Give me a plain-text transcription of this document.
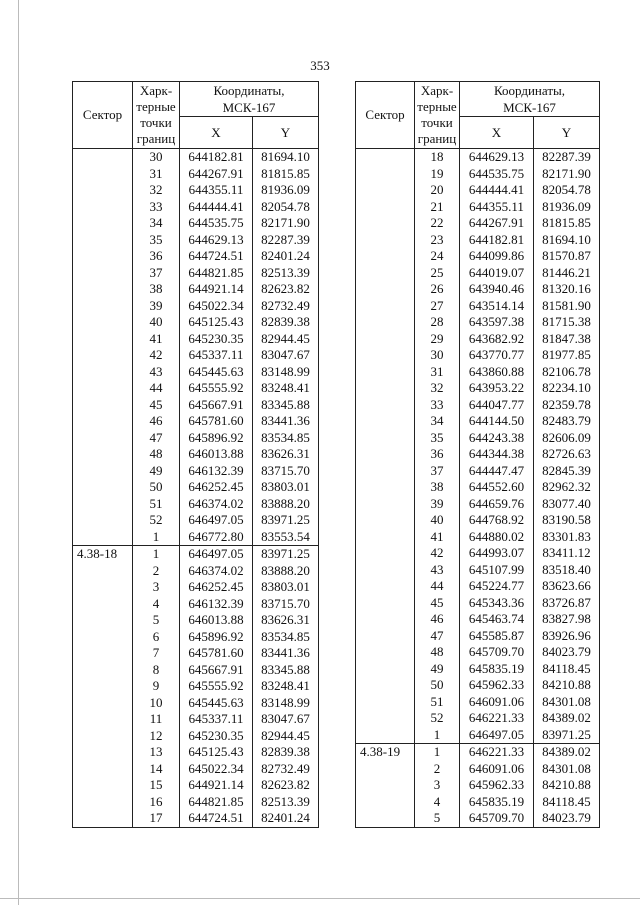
353
Сектор	Харк-
терные
точки
границ	Координаты,
МСК-167	
		X	Y
	30	644182.81	81694.10
	31	644267.91	81815.85
	32	644355.11	81936.09
	33	644444.41	82054.78
	34	644535.75	82171.90
	35	644629.13	82287.39
	36	644724.51	82401.24
	37	644821.85	82513.39
	38	644921.14	82623.82
	39	645022.34	82732.49
	40	645125.43	82839.38
	41	645230.35	82944.45
	42	645337.11	83047.67
	43	645445.63	83148.99
	44	645555.92	83248.41
	45	645667.91	83345.88
	46	645781.60	83441.36
	47	645896.92	83534.85
	48	646013.88	83626.31
	49	646132.39	83715.70
	50	646252.45	83803.01
	51	646374.02	83888.20
	52	646497.05	83971.25
	1	646772.80	83553.54
4.38-18	1	646497.05	83971.25
	2	646374.02	83888.20
	3	646252.45	83803.01
	4	646132.39	83715.70
	5	646013.88	83626.31
	6	645896.92	83534.85
	7	645781.60	83441.36
	8	645667.91	83345.88
	9	645555.92	83248.41
	10	645445.63	83148.99
	11	645337.11	83047.67
	12	645230.35	82944.45
	13	645125.43	82839.38
	14	645022.34	82732.49
	15	644921.14	82623.82
	16	644821.85	82513.39
	17	644724.51	82401.24
Сектор	Харк-
терные
точки
границ	Координаты,
МСК-167	
		X	Y
	18	644629.13	82287.39
	19	644535.75	82171.90
	20	644444.41	82054.78
	21	644355.11	81936.09
	22	644267.91	81815.85
	23	644182.81	81694.10
	24	644099.86	81570.87
	25	644019.07	81446.21
	26	643940.46	81320.16
	27	643514.14	81581.90
	28	643597.38	81715.38
	29	643682.92	81847.38
	30	643770.77	81977.85
	31	643860.88	82106.78
	32	643953.22	82234.10
	33	644047.77	82359.78
	34	644144.50	82483.79
	35	644243.38	82606.09
	36	644344.38	82726.63
	37	644447.47	82845.39
	38	644552.60	82962.32
	39	644659.76	83077.40
	40	644768.92	83190.58
	41	644880.02	83301.83
	42	644993.07	83411.12
	43	645107.99	83518.40
	44	645224.77	83623.66
	45	645343.36	83726.87
	46	645463.74	83827.98
	47	645585.87	83926.96
	48	645709.70	84023.79
	49	645835.19	84118.45
	50	645962.33	84210.88
	51	646091.06	84301.08
	52	646221.33	84389.02
	1	646497.05	83971.25
4.38-19	1	646221.33	84389.02
	2	646091.06	84301.08
	3	645962.33	84210.88
	4	645835.19	84118.45
	5	645709.70	84023.79
